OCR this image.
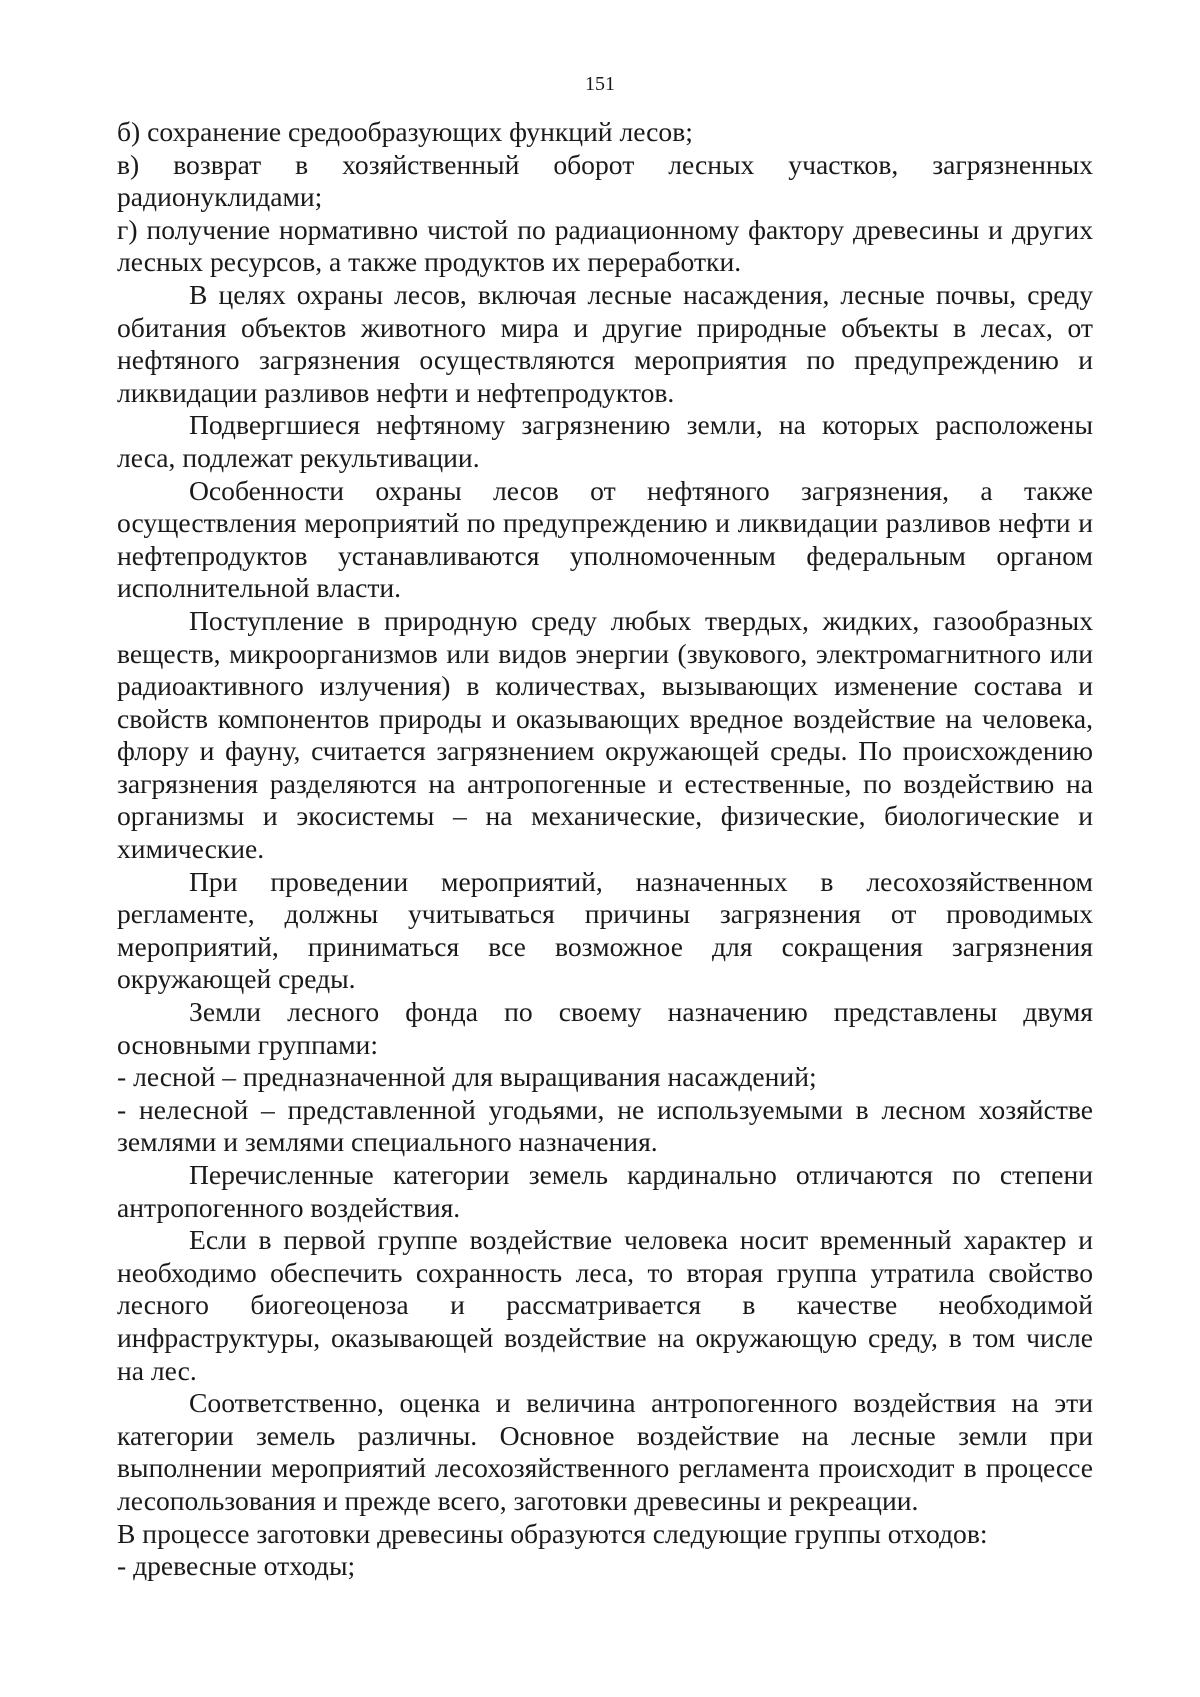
151

б) сохранение средообразующих функций лесов;

в) возврат в хозяйственный оборот лесных участков, загрязненных радионуклидами;

г) получение нормативно чистой по радиационному фактору древесины и других лесных ресурсов, а также продуктов их переработки.

В целях охраны лесов, включая лесные насаждения, лесные почвы, среду обитания объектов животного мира и другие природные объекты в лесах, от нефтяного загрязнения осуществляются мероприятия по предупреждению и ликвидации разливов нефти и нефтепродуктов.

Подвергшиеся нефтяному загрязнению земли, на которых расположены леса, подлежат рекультивации.

Особенности охраны лесов от нефтяного загрязнения, а также осуществления мероприятий по предупреждению и ликвидации разливов нефти и нефтепродуктов устанавливаются уполномоченным федеральным органом исполнительной власти.

Поступление в природную среду любых твердых, жидких, газообразных веществ, микроорганизмов или видов энергии (звукового, электромагнитного или радиоактивного излучения) в количествах, вызывающих изменение состава и свойств компонентов природы и оказывающих вредное воздействие на человека, флору и фауну, считается загрязнением окружающей среды. По происхождению загрязнения разделяются на антропогенные и естественные, по воздействию на организмы и экосистемы – на механические, физические, биологические и химические.

При проведении мероприятий, назначенных в лесохозяйственном регламенте, должны учитываться причины загрязнения от проводимых мероприятий, приниматься все возможное для сокращения загрязнения окружающей среды.

Земли лесного фонда по своему назначению представлены двумя основными группами:

- лесной – предназначенной для выращивания насаждений;

- нелесной – представленной угодьями, не используемыми в лесном хозяйстве землями и землями специального назначения.

Перечисленные категории земель кардинально отличаются по степени антропогенного воздействия.

Если в первой группе воздействие человека носит временный характер и необходимо обеспечить сохранность леса, то вторая группа утратила свойство лесного биогеоценоза и рассматривается в качестве необходимой инфраструктуры, оказывающей воздействие на окружающую среду, в том числе на лес.

Соответственно, оценка и величина антропогенного воздействия на эти категории земель различны. Основное воздействие на лесные земли при выполнении мероприятий лесохозяйственного регламента происходит в процессе лесопользования и прежде всего, заготовки древесины и рекреации.

В процессе заготовки древесины образуются следующие группы отходов:

- древесные отходы;
